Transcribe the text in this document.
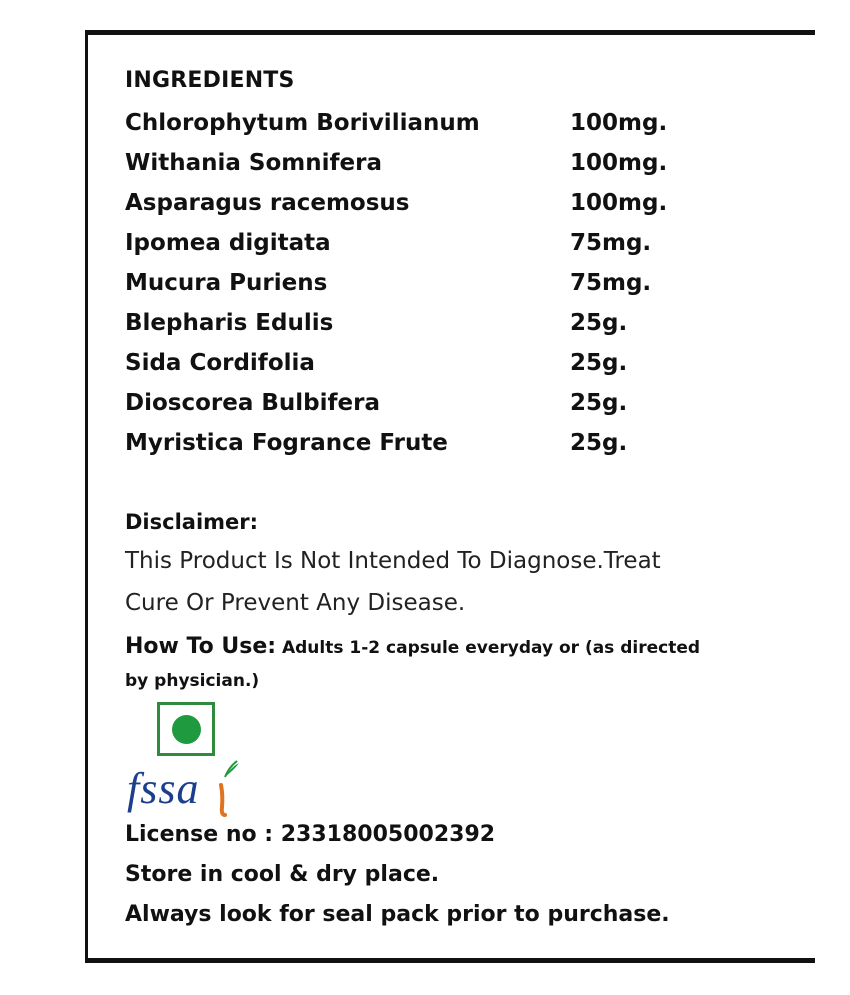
INGREDIENTS
Chlorophytum Borivilianum	100mg.
Withania Somnifera	100mg.
Asparagus racemosus	100mg.
Ipomea digitata	75mg.
Mucura Puriens	75mg.
Blepharis Edulis	25g.
Sida Cordifolia	25g.
Dioscorea Bulbifera	25g.
Myristica Fogrance Frute	25g.
Disclaimer:
This Product Is Not Intended To Diagnose.Treat
Cure Or Prevent Any Disease.
How To Use: Adults 1-2 capsule everyday or (as directed by physician.)
fssa
License no : 23318005002392
Store in cool & dry place.
Always look for seal pack prior to purchase.
